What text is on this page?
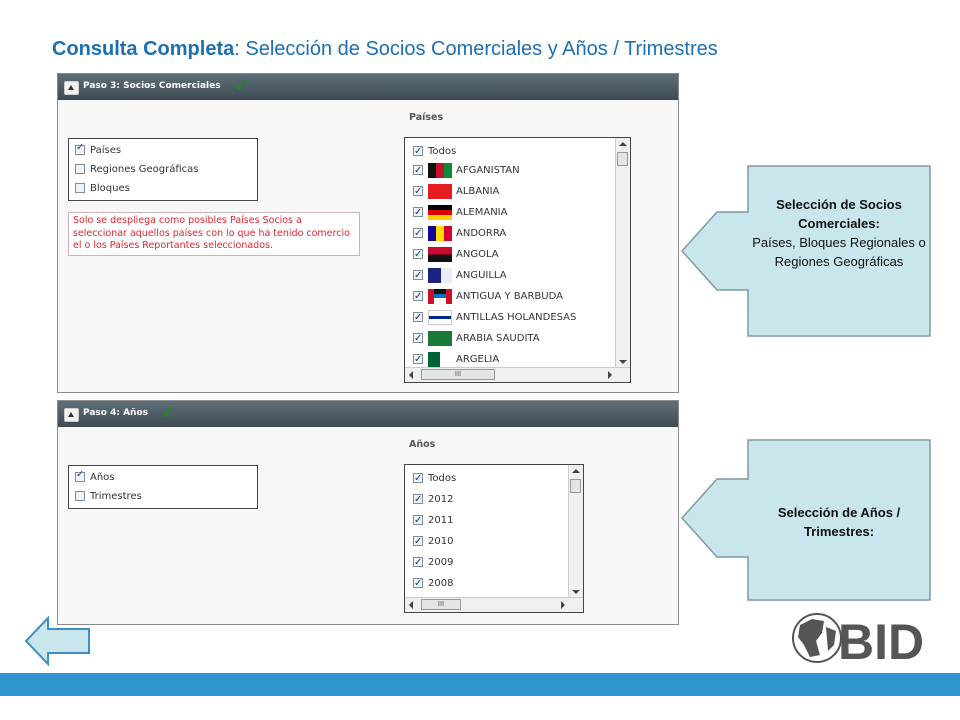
Consulta Completa: Selección de Socios Comerciales y Años / Trimestres
Paso 3: Socios Comerciales ✓
✓Países
Regiones Geográficas
Bloques
Solo se despliega como posibles Países Socios a seleccionar aquellos países con lo que ha tenido comercio el o los Países Reportantes seleccionados.
Países
✓Todos
✓AFGANISTAN
✓ALBANIA
✓ALEMANIA
✓ANDORRA
✓ANGOLA
✓ANGUILLA
✓ANTIGUA Y BARBUDA
✓ANTILLAS HOLANDESAS
✓ARABIA SAUDITA
✓ARGELIA
III
Paso 4: Años ✓
✓Años
Trimestres
Años
✓Todos
✓2012
✓2011
✓2010
✓2009
✓2008
III
Selección de Socios Comerciales:
Países, Bloques Regionales o Regiones Geográficas
Selección de Años / Trimestres:
BID
